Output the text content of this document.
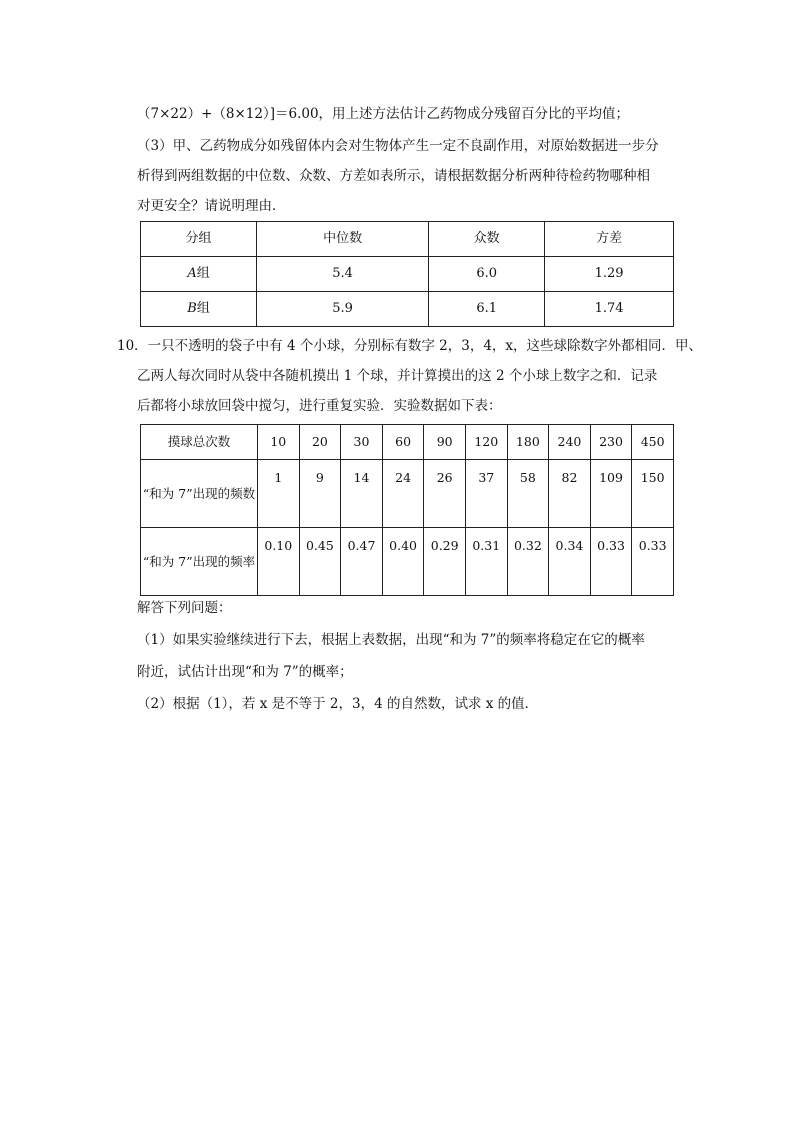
（7×22）+（8×12）]＝6.00，用上述方法估计乙药物成分残留百分比的平均值；
（3）甲、乙药物成分如残留体内会对生物体产生一定不良副作用，对原始数据进一步分
析得到两组数据的中位数、众数、方差如表所示，请根据数据分析两种待检药物哪种相
对更安全？请说明理由．
分组	中位数	众数	方差
A组	5.4	6.0	1.29
B组	5.9	6.1	1.74
10．一只不透明的袋子中有 4 个小球，分别标有数字 2，3，4，x，这些球除数字外都相同．甲、
乙两人每次同时从袋中各随机摸出 1 个球，并计算摸出的这 2 个小球上数字之和．记录
后都将小球放回袋中搅匀，进行重复实验．实验数据如下表：
摸球总次数	10	20	30	60	90	120	180	240	230	450
“和为 7”出现的频数	1	9	14	24	26	37	58	82	109	150
“和为 7”出现的频率	0.10	0.45	0.47	0.40	0.29	0.31	0.32	0.34	0.33	0.33
解答下列问题：
（1）如果实验继续进行下去，根据上表数据，出现“和为 7”的频率将稳定在它的概率
附近，试估计出现“和为 7”的概率；
（2）根据（1），若 x 是不等于 2，3，4 的自然数，试求 x 的值．
